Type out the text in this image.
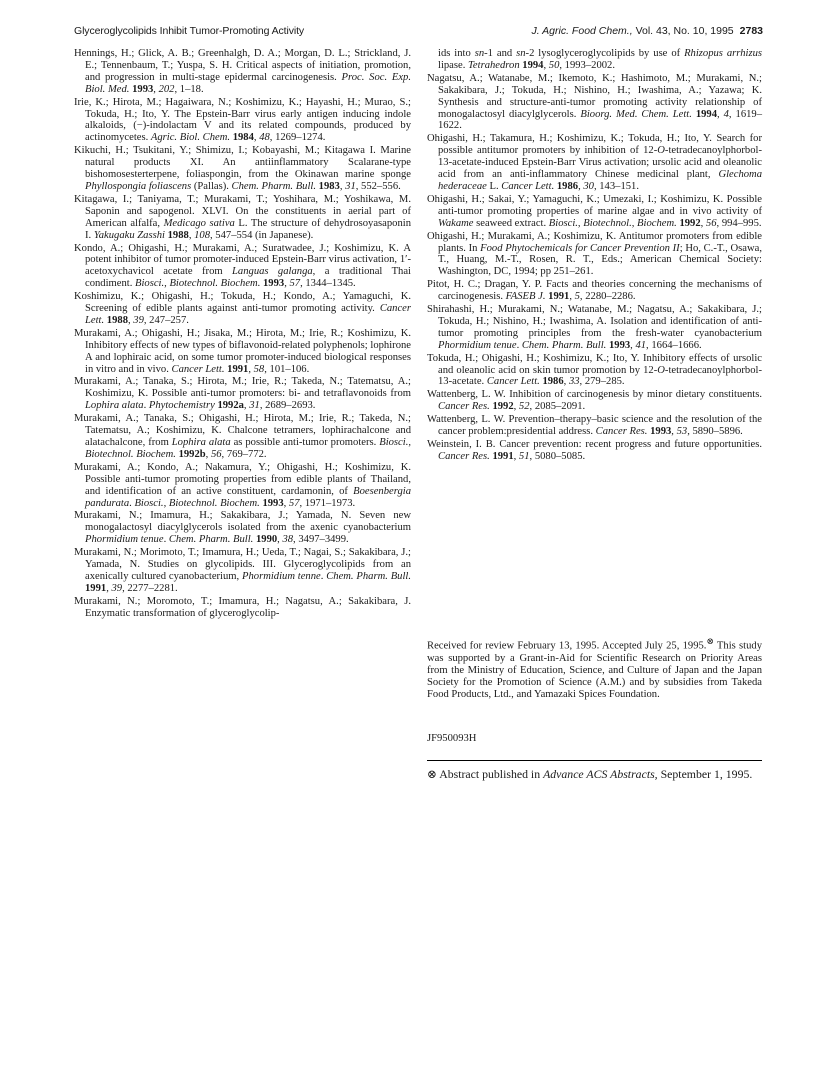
Glyceroglycolipids Inhibit Tumor-Promoting Activity	J. Agric. Food Chem., Vol. 43, No. 10, 1995 2783

Hennings, H.; Glick, A. B.; Greenhalgh, D. A.; Morgan, D. L.; Strickland, J. E.; Tennenbaum, T.; Yuspa, S. H. Critical aspects of initiation, promotion, and progression in multi-stage epidermal carcinogenesis. Proc. Soc. Exp. Biol. Med. 1993, 202, 1–18.

Irie, K.; Hirota, M.; Hagaiwara, N.; Koshimizu, K.; Hayashi, H.; Murao, S.; Tokuda, H.; Ito, Y. The Epstein-Barr virus early antigen inducing indole alkaloids, (−)-indolactam V and its related compounds, produced by actinomycetes. Agric. Biol. Chem. 1984, 48, 1269–1274.

Kikuchi, H.; Tsukitani, Y.; Shimizu, I.; Kobayashi, M.; Kitagawa I. Marine natural products XI. An antiinflammatory Scalarane-type bishomosesterterpene, foliaspongin, from the Okinawan marine sponge Phyllospongia foliascens (Pallas). Chem. Pharm. Bull. 1983, 31, 552–556.

Kitagawa, I.; Taniyama, T.; Murakami, T.; Yoshihara, M.; Yoshikawa, M. Saponin and sapogenol. XLVI. On the constituents in aerial part of American alfalfa, Medicago sativa L. The structure of dehydrosoyasaponin I. Yakugaku Zasshi 1988, 108, 547–554 (in Japanese).

Kondo, A.; Ohigashi, H.; Murakami, A.; Suratwadee, J.; Koshimizu, K. A potent inhibitor of tumor promoter-induced Epstein-Barr virus activation, 1′-acetoxychavicol acetate from Languas galanga, a traditional Thai condiment. Biosci., Biotechnol. Biochem. 1993, 57, 1344–1345.

Koshimizu, K.; Ohigashi, H.; Tokuda, H.; Kondo, A.; Yamaguchi, K. Screening of edible plants against anti-tumor promoting activity. Cancer Lett. 1988, 39, 247–257.

Murakami, A.; Ohigashi, H.; Jisaka, M.; Hirota, M.; Irie, R.; Koshimizu, K. Inhibitory effects of new types of biflavonoid-related polyphenols; lophirone A and lophiraic acid, on some tumor promoter-induced biological responses in vitro and in vivo. Cancer Lett. 1991, 58, 101–106.

Murakami, A.; Tanaka, S.; Hirota, M.; Irie, R.; Takeda, N.; Tatematsu, A.; Koshimizu, K. Possible anti-tumor promoters: bi- and tetraflavonoids from Lophira alata. Phytochemistry 1992a, 31, 2689–2693.

Murakami, A.; Tanaka, S.; Ohigashi, H.; Hirota, M.; Irie, R.; Takeda, N.; Tatematsu, A.; Koshimizu, K. Chalcone tetramers, lophirachalcone and alatachalcone, from Lophira alata as possible anti-tumor promoters. Biosci., Biotechnol. Biochem. 1992b, 56, 769–772.

Murakami, A.; Kondo, A.; Nakamura, Y.; Ohigashi, H.; Koshimizu, K. Possible anti-tumor promoting properties from edible plants of Thailand, and identification of an active constituent, cardamonin, of Boesenbergia pandurata. Biosci., Biotechnol. Biochem. 1993, 57, 1971–1973.

Murakami, N.; Imamura, H.; Sakakibara, J.; Yamada, N. Seven new monogalactosyl diacylglycerols isolated from the axenic cyanobacterium Phormidium tenue. Chem. Pharm. Bull. 1990, 38, 3497–3499.

Murakami, N.; Morimoto, T.; Imamura, H.; Ueda, T.; Nagai, S.; Sakakibara, J.; Yamada, N. Studies on glycolipids. III. Glyceroglycolipids from an axenically cultured cyanobacterium, Phormidium tenne. Chem. Pharm. Bull. 1991, 39, 2277–2281.

Murakami, N.; Moromoto, T.; Imamura, H.; Nagatsu, A.; Sakakibara, J. Enzymatic transformation of glyceroglycolip-

ids into sn-1 and sn-2 lysoglyceroglycolipids by use of Rhizopus arrhizus lipase. Tetrahedron 1994, 50, 1993–2002.

Nagatsu, A.; Watanabe, M.; Ikemoto, K.; Hashimoto, M.; Murakami, N.; Sakakibara, J.; Tokuda, H.; Nishino, H.; Iwashima, A.; Yazawa; K. Synthesis and structure-anti-tumor promoting activity relationship of monogalactosyl diacylglycerols. Bioorg. Med. Chem. Lett. 1994, 4, 1619–1622.

Ohigashi, H.; Takamura, H.; Koshimizu, K.; Tokuda, H.; Ito, Y. Search for possible antitumor promoters by inhibition of 12-O-tetradecanoylphorbol-13-acetate-induced Epstein-Barr Virus activation; ursolic acid and oleanolic acid from an anti-inflammatory Chinese medicinal plant, Glechoma hederaceae L. Cancer Lett. 1986, 30, 143–151.

Ohigashi, H.; Sakai, Y.; Yamaguchi, K.; Umezaki, I.; Koshimizu, K. Possible anti-tumor promoting properties of marine algae and in vivo activity of Wakame seaweed extract. Biosci., Biotechnol., Biochem. 1992, 56, 994–995.

Ohigashi, H.; Murakami, A.; Koshimizu, K. Antitumor promoters from edible plants. In Food Phytochemicals for Cancer Prevention II; Ho, C.-T., Osawa, T., Huang, M.-T., Rosen, R. T., Eds.; American Chemical Society: Washington, DC, 1994; pp 251–261.

Pitot, H. C.; Dragan, Y. P. Facts and theories concerning the mechanisms of carcinogenesis. FASEB J. 1991, 5, 2280–2286.

Shirahashi, H.; Murakami, N.; Watanabe, M.; Nagatsu, A.; Sakakibara, J.; Tokuda, H.; Nishino, H.; Iwashima, A. Isolation and identification of anti-tumor promoting principles from the fresh-water cyanobacterium Phormidium tenue. Chem. Pharm. Bull. 1993, 41, 1664–1666.

Tokuda, H.; Ohigashi, H.; Koshimizu, K.; Ito, Y. Inhibitory effects of ursolic and oleanolic acid on skin tumor promotion by 12-O-tetradecanoylphorbol-13-acetate. Cancer Lett. 1986, 33, 279–285.

Wattenberg, L. W. Inhibition of carcinogenesis by minor dietary constituents. Cancer Res. 1992, 52, 2085–2091.

Wattenberg, L. W. Prevention–therapy–basic science and the resolution of the cancer problem:presidential address. Cancer Res. 1993, 53, 5890–5896.

Weinstein, I. B. Cancer prevention: recent progress and future opportunities. Cancer Res. 1991, 51, 5080–5085.

Received for review February 13, 1995. Accepted July 25, 1995.⊗ This study was supported by a Grant-in-Aid for Scientific Research on Priority Areas from the Ministry of Education, Science, and Culture of Japan and the Japan Society for the Promotion of Science (A.M.) and by subsidies from Takeda Food Products, Ltd., and Yamazaki Spices Foundation.

JF950093H

⊗ Abstract published in Advance ACS Abstracts, September 1, 1995.
